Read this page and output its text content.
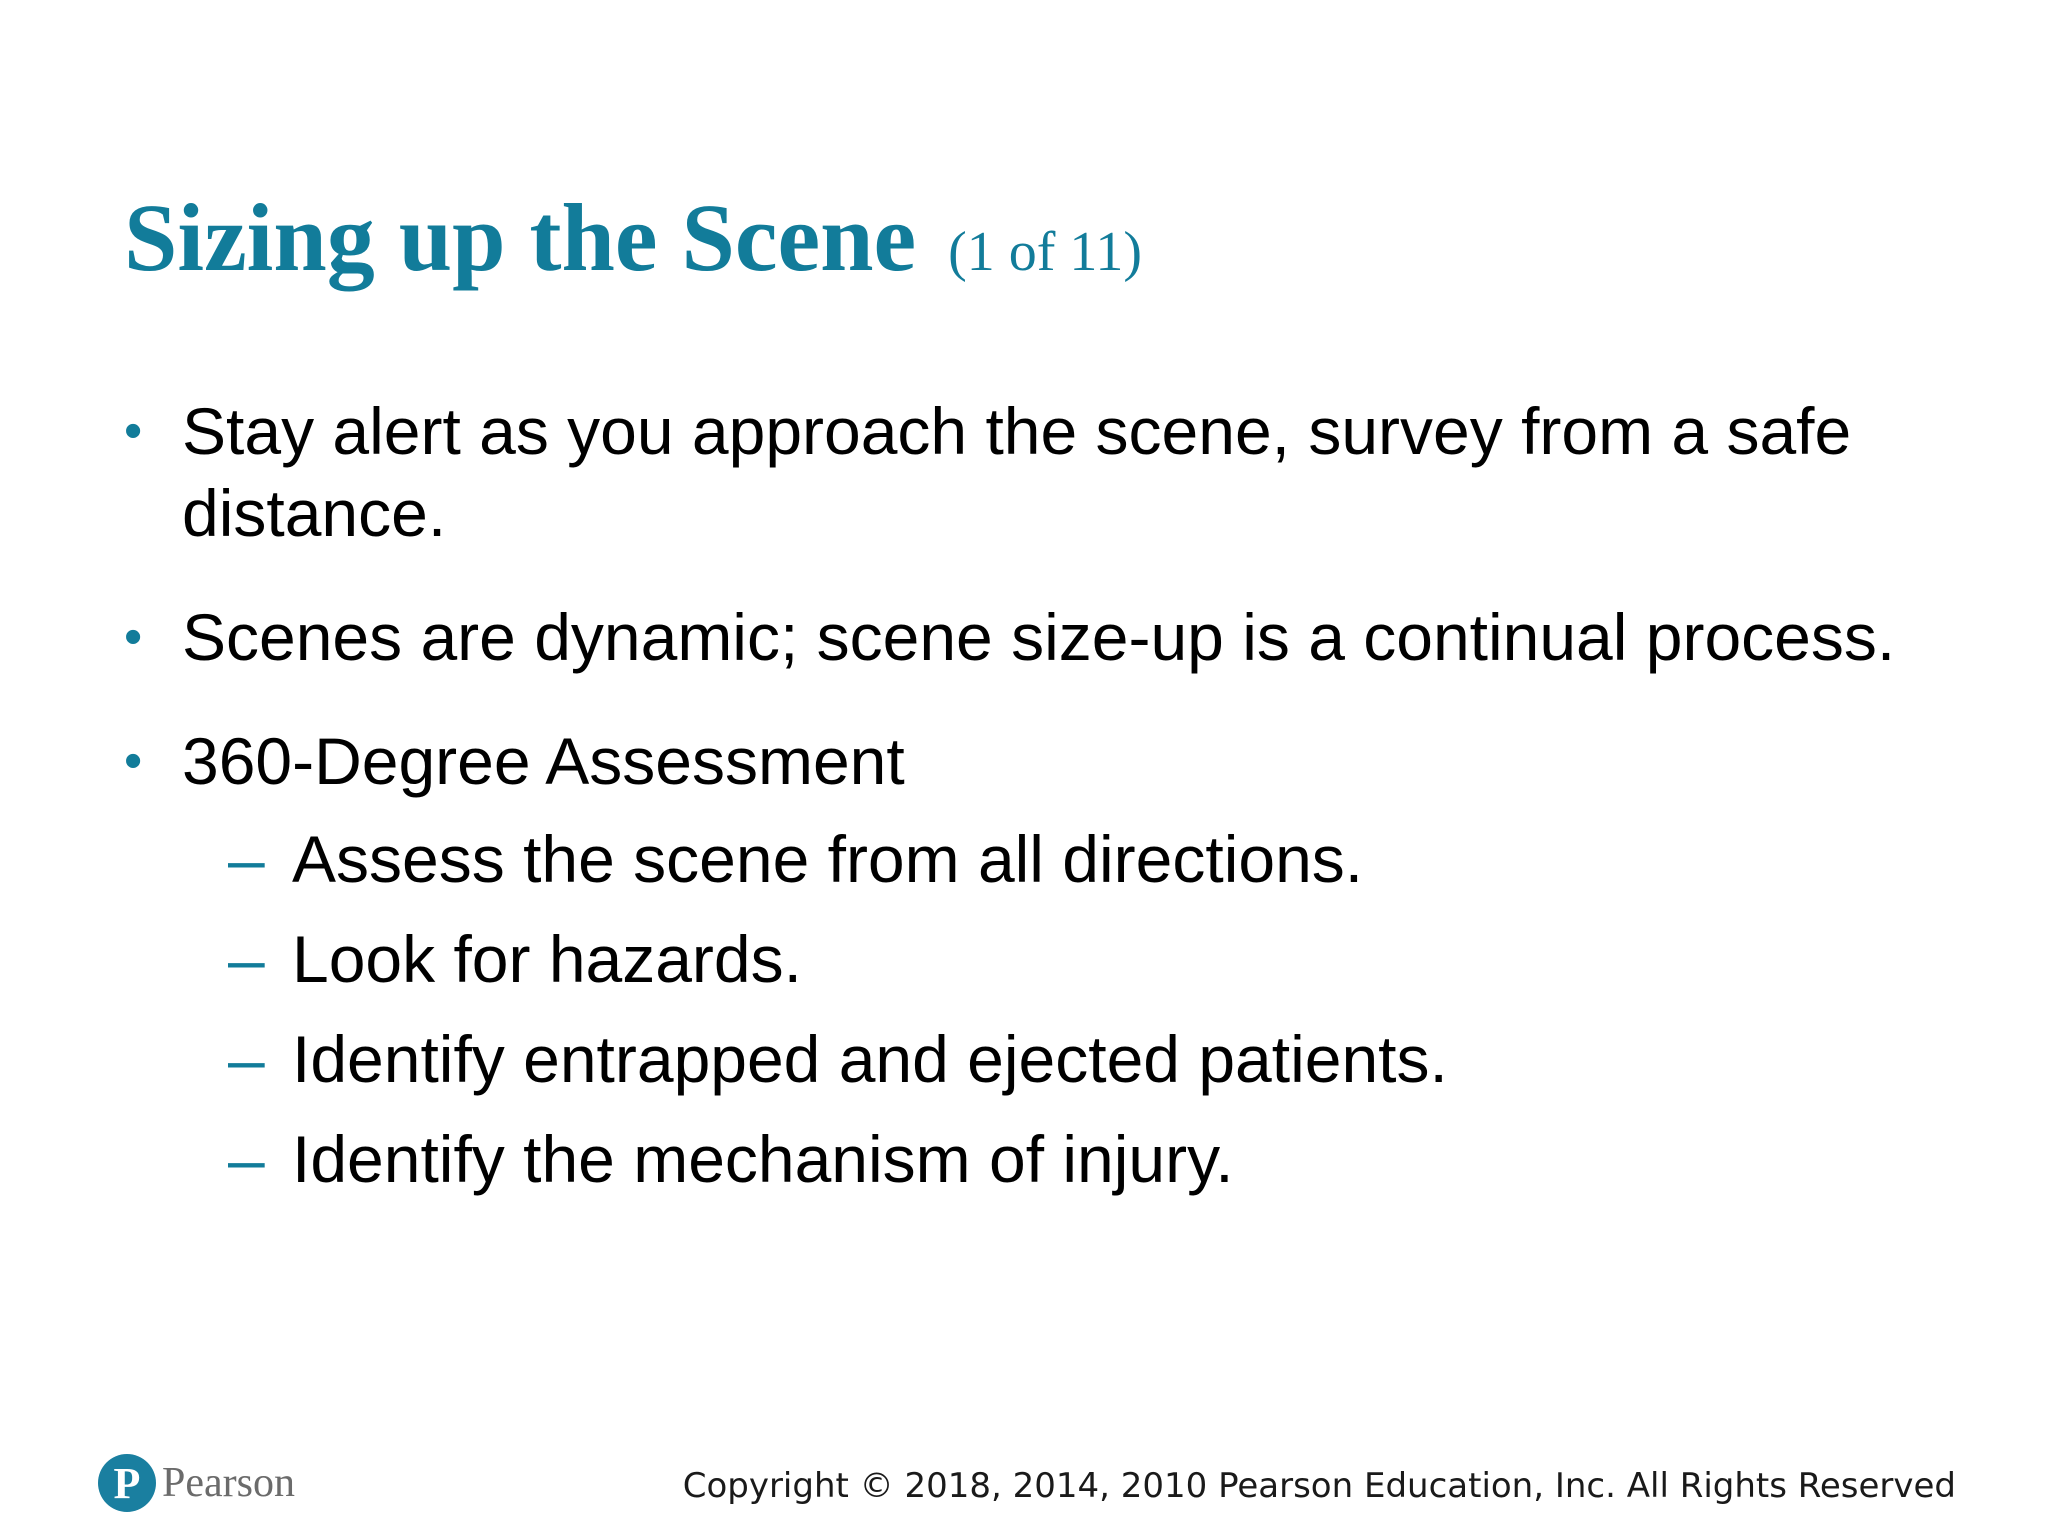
Sizing up the Scene (1 of 11)
• Stay alert as you approach the scene, survey from a safe distance.
• Scenes are dynamic; scene size-up is a continual process.
• 360-Degree Assessment
– Assess the scene from all directions.
– Look for hazards.
– Identify entrapped and ejected patients.
– Identify the mechanism of injury.
P Pearson	Copyright © 2018, 2014, 2010 Pearson Education, Inc. All Rights Reserved
